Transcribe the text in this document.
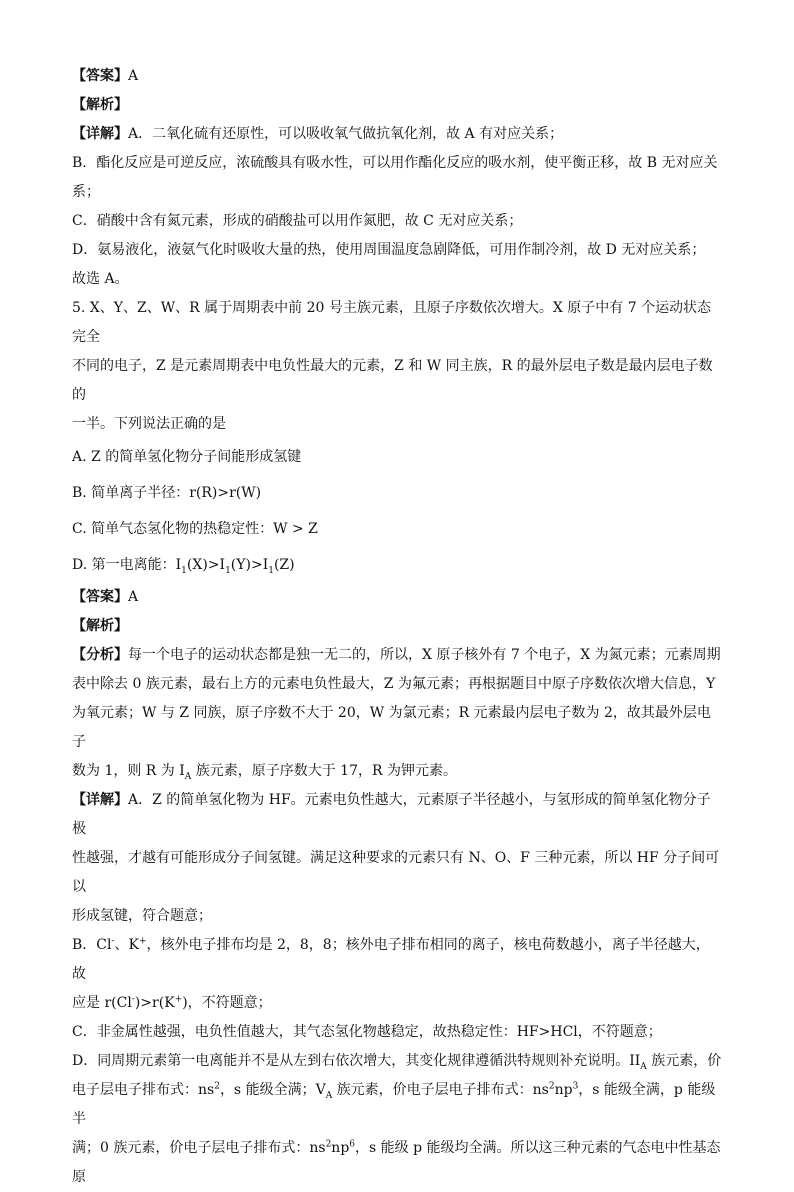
【答案】A

【解析】

【详解】A．二氧化硫有还原性，可以吸收氧气做抗氧化剂，故 A 有对应关系；

B．酯化反应是可逆反应，浓硫酸具有吸水性，可以用作酯化反应的吸水剂，使平衡正移，故 B 无对应关

系；

C．硝酸中含有氮元素，形成的硝酸盐可以用作氮肥，故 C 无对应关系；

D．氨易液化，液氨气化时吸收大量的热，使用周围温度急剧降低，可用作制冷剂，故 D 无对应关系；

故选 A。

5. X、Y、Z、W、R 属于周期表中前 20 号主族元素，且原子序数依次增大。X 原子中有 7 个运动状态完全

不同的电子，Z 是元素周期表中电负性最大的元素，Z 和 W 同主族，R 的最外层电子数是最内层电子数的

一半。下列说法正确的是

A. Z 的简单氢化物分子间能形成氢键

B. 简单离子半径：r(R)>r(W)

C. 简单气态氢化物的热稳定性：W > Z

D. 第一电离能：$I_1(X)>I_1(Y)>I_1(Z)$

【答案】A

【解析】

【分析】每一个电子的运动状态都是独一无二的，所以，X 原子核外有 7 个电子，X 为氮元素；元素周期

表中除去 0 族元素，最右上方的元素电负性最大，Z 为氟元素；再根据题目中原子序数依次增大信息，Y

为氧元素；W 与 Z 同族，原子序数不大于 20，W 为氯元素；R 元素最内层电子数为 2，故其最外层电子

数为 1，则 R 为 $I_A$ 族元素，原子序数大于 17，R 为钾元素。

【详解】A．Z 的简单氢化物为 HF。元素电负性越大，元素原子半径越小，与氢形成的简单氢化物分子极

性越强，才越有可能形成分子间氢键。满足这种要求的元素只有 N、O、F 三种元素，所以 HF 分子间可以

形成氢键，符合题意；

B．Cl-、K+，核外电子排布均是 2，8，8；核外电子排布相同的离子，核电荷数越小，离子半径越大，故

应是 r(Cl-)>r(K+)，不符题意；

C．非金属性越强，电负性值越大，其气态氢化物越稳定，故热稳定性：HF>HCl，不符题意；

D．同周期元素第一电离能并不是从左到右依次增大，其变化规律遵循洪特规则补充说明。$II_A$ 族元素，价

电子层电子排布式：$ns^2$，s 能级全满；$V_A$ 族元素，价电子层电子排布式：$ns^2np^3$，s 能级全满，p 能级半

满；0 族元素，价电子层电子排布式：$ns^2np^6$，s 能级 p 能级均全满。所以这三种元素的气态电中性基态原
